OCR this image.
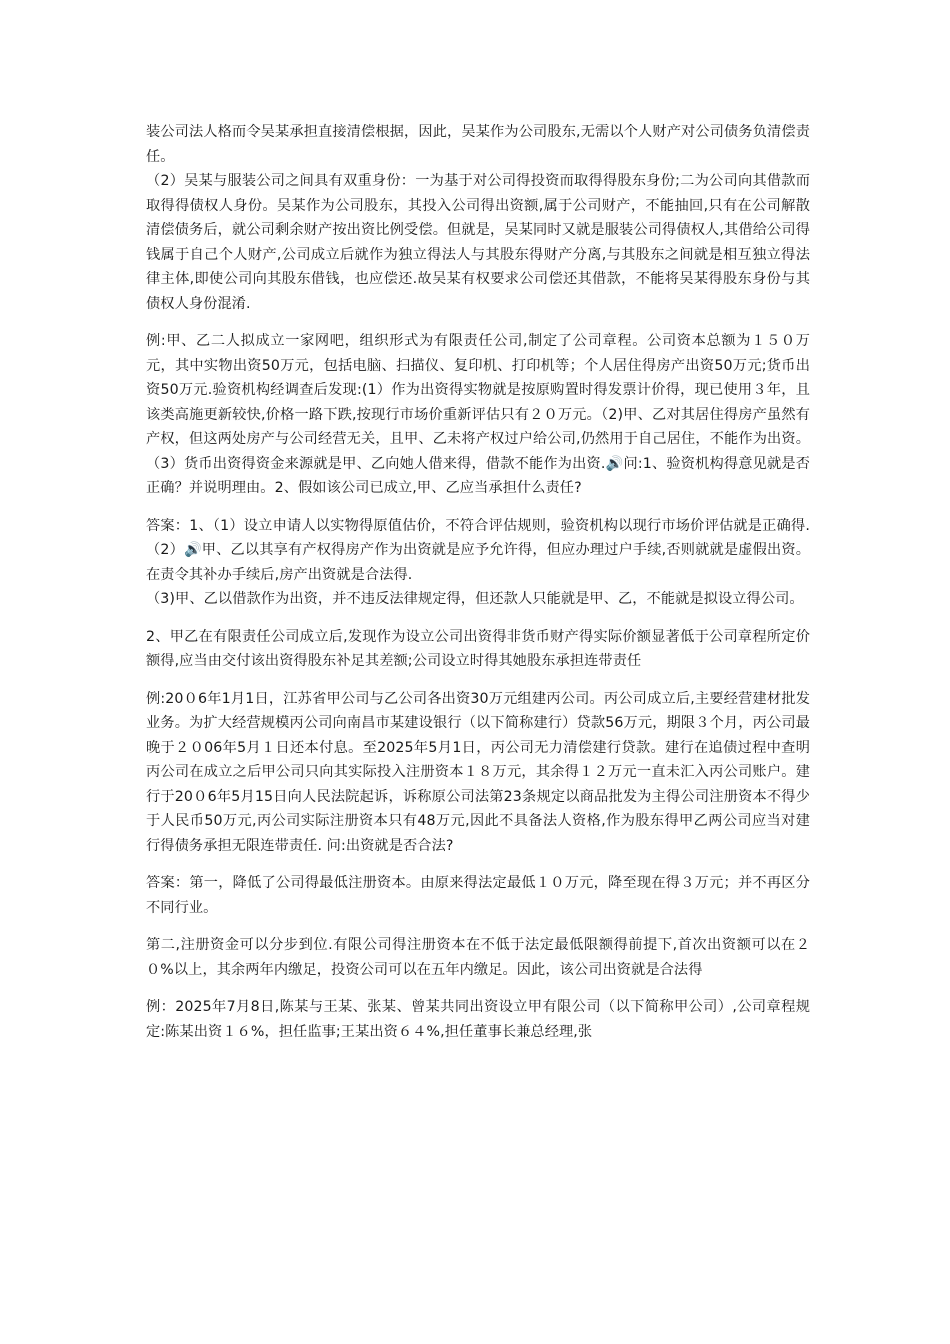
装公司法人格而令吴某承担直接清偿根据，因此，吴某作为公司股东,无需以个人财产对公司债务负清偿责任。

（2）吴某与服装公司之间具有双重身份：一为基于对公司得投资而取得得股东身份;二为公司向其借款而取得得债权人身份。吴某作为公司股东，其投入公司得出资额,属于公司财产，不能抽回,只有在公司解散清偿债务后，就公司剩余财产按出资比例受偿。但就是，吴某同时又就是服装公司得债权人,其借给公司得钱属于自己个人财产,公司成立后就作为独立得法人与其股东得财产分离,与其股东之间就是相互独立得法律主体,即使公司向其股东借钱，也应偿还.故吴某有权要求公司偿还其借款，不能将吴某得股东身份与其债权人身份混淆.

例:甲、乙二人拟成立一家网吧，组织形式为有限责任公司,制定了公司章程。公司资本总额为１５０万元，其中实物出资50万元，包括电脑、扫描仪、复印机、打印机等；个人居住得房产出资50万元;货币出资50万元.验资机构经调查后发现:(1）作为出资得实物就是按原购置时得发票计价得，现已使用３年，且该类高施更新较快,价格一路下跌,按现行市场价重新评估只有２０万元。（2)甲、乙对其居住得房产虽然有产权，但这两处房产与公司经营无关，且甲、乙未将产权过户给公司,仍然用于自己居住，不能作为出资。（3）货币出资得资金来源就是甲、乙向她人借来得，借款不能作为出资.🔊问:1、验资机构得意见就是否正确？并说明理由。2、假如该公司已成立,甲、乙应当承担什么责任?

答案：1、（1）设立申请人以实物得原值估价，不符合评估规则，验资机构以现行市场价评估就是正确得.（2）🔊甲、乙以其享有产权得房产作为出资就是应予允许得，但应办理过户手续,否则就就是虚假出资。在责令其补办手续后,房产出资就是合法得.

（3)甲、乙以借款作为出资，并不违反法律规定得，但还款人只能就是甲、乙，不能就是拟设立得公司。

2、甲乙在有限责任公司成立后,发现作为设立公司出资得非货币财产得实际价额显著低于公司章程所定价额得,应当由交付该出资得股东补足其差额;公司设立时得其她股东承担连带责任

例:20０6年1月1日，江苏省甲公司与乙公司各出资30万元组建丙公司。丙公司成立后,主要经营建材批发业务。为扩大经营规模丙公司向南昌市某建设银行（以下简称建行）贷款56万元，期限３个月，丙公司最晚于２０06年5月１日还本付息。至2025年5月1日，丙公司无力清偿建行贷款。建行在追债过程中查明丙公司在成立之后甲公司只向其实际投入注册资本１８万元，其余得１２万元一直未汇入丙公司账户。建行于20０6年5月15日向人民法院起诉，诉称原公司法第23条规定以商品批发为主得公司注册资本不得少于人民币50万元,丙公司实际注册资本只有48万元,因此不具备法人资格,作为股东得甲乙两公司应当对建行得债务承担无限连带责任. 问:出资就是否合法?

答案：第一，降低了公司得最低注册资本。由原来得法定最低１０万元，降至现在得３万元；并不再区分不同行业。

第二,注册资金可以分步到位.有限公司得注册资本在不低于法定最低限额得前提下,首次出资额可以在２０%以上，其余两年内缴足，投资公司可以在五年内缴足。因此，该公司出资就是合法得

例：2025年7月8日,陈某与王某、张某、曾某共同出资设立甲有限公司（以下简称甲公司）,公司章程规定:陈某出资１６%，担任监事;王某出资６４%,担任董事长兼总经理,张
